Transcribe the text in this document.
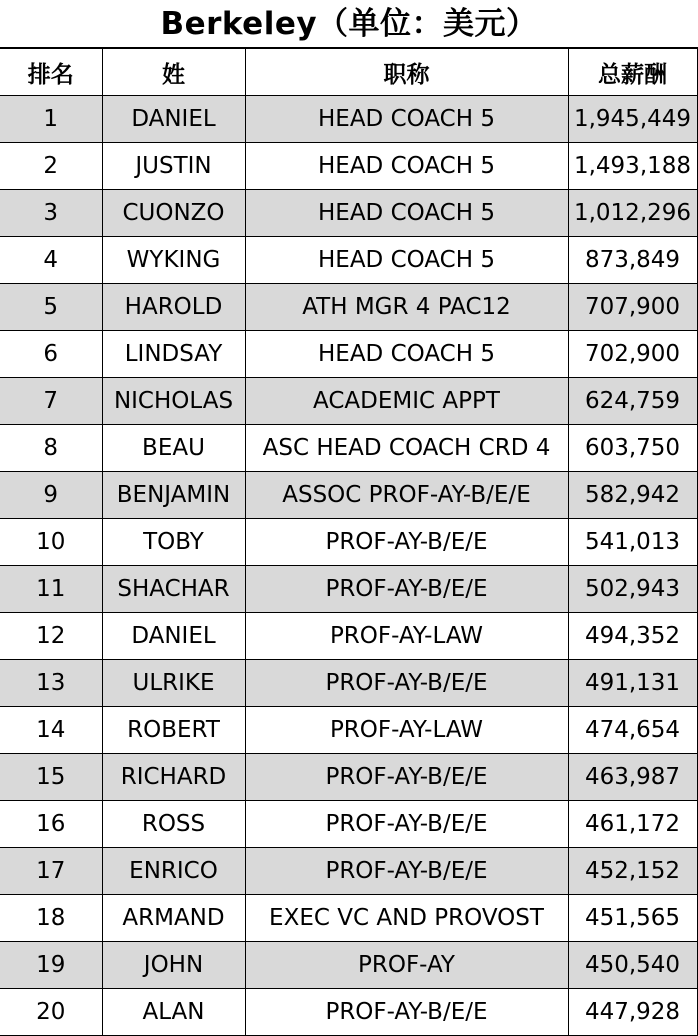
Berkeley（单位：美元）
排名	姓	职称	总薪酬
1	DANIEL	HEAD COACH 5	1,945,449
2	JUSTIN	HEAD COACH 5	1,493,188
3	CUONZO	HEAD COACH 5	1,012,296
4	WYKING	HEAD COACH 5	873,849
5	HAROLD	ATH MGR 4 PAC12	707,900
6	LINDSAY	HEAD COACH 5	702,900
7	NICHOLAS	ACADEMIC APPT	624,759
8	BEAU	ASC HEAD COACH CRD 4	603,750
9	BENJAMIN	ASSOC PROF-AY-B/E/E	582,942
10	TOBY	PROF-AY-B/E/E	541,013
11	SHACHAR	PROF-AY-B/E/E	502,943
12	DANIEL	PROF-AY-LAW	494,352
13	ULRIKE	PROF-AY-B/E/E	491,131
14	ROBERT	PROF-AY-LAW	474,654
15	RICHARD	PROF-AY-B/E/E	463,987
16	ROSS	PROF-AY-B/E/E	461,172
17	ENRICO	PROF-AY-B/E/E	452,152
18	ARMAND	EXEC VC AND PROVOST	451,565
19	JOHN	PROF-AY	450,540
20	ALAN	PROF-AY-B/E/E	447,928
